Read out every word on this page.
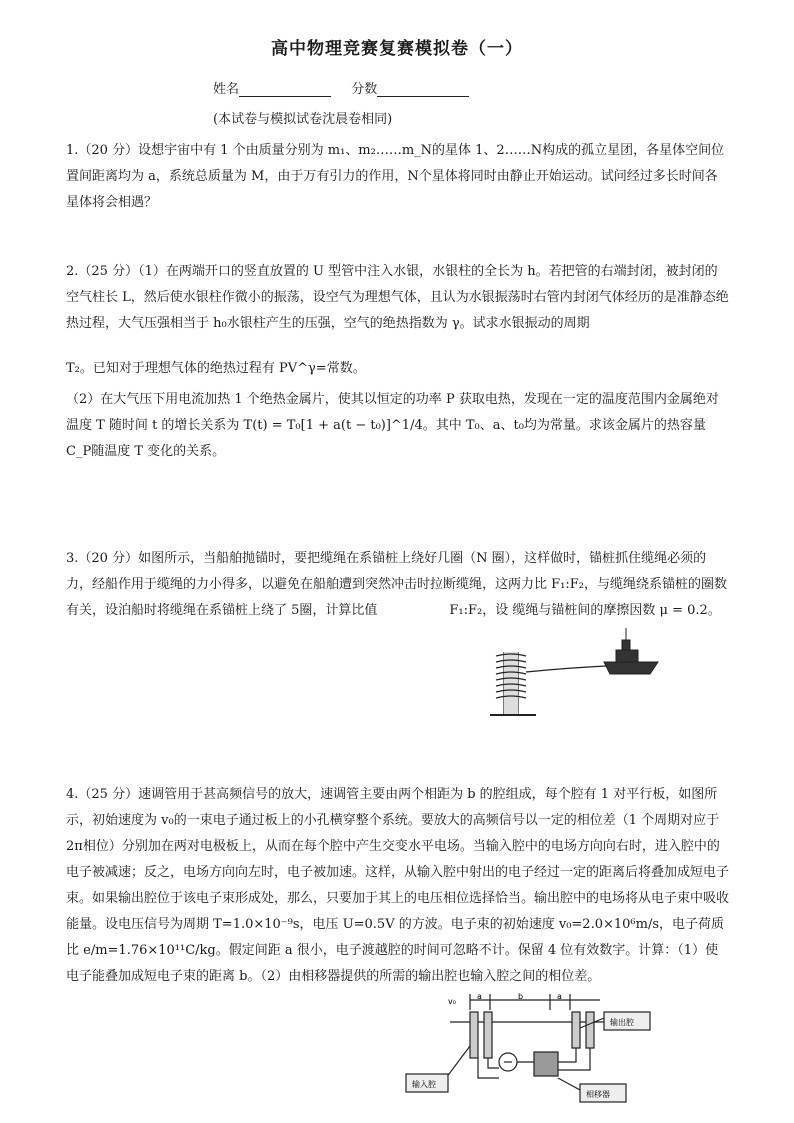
高中物理竞赛复赛模拟卷（一）
姓名	分数
(本试卷与模拟试卷沈晨卷相同)

1.（20 分）设想宇宙中有 1 个由质量分别为 m₁、m₂……m_N的星体 1、2……N构成的孤立星团，各星体空间位置间距离均为 a，系统总质量为 M，由于万有引力的作用，N个星体将同时由静止开始运动。试问经过多长时间各星体将会相遇？

2.（25 分）（1）在两端开口的竖直放置的 U 型管中注入水银，水银柱的全长为 h。若把管的右端封闭，被封闭的空气柱长 L，然后使水银柱作微小的振荡，设空气为理想气体，且认为水银振荡时右管内封闭气体经历的是准静态绝热过程，大气压强相当于 h₀水银柱产生的压强，空气的绝热指数为 γ。试求水银振动的周期

T₂。已知对于理想气体的绝热过程有 PV^γ=常数。

（2）在大气压下用电流加热 1 个绝热金属片，使其以恒定的功率 P 获取电热，发现在一定的温度范围内金属绝对温度 T 随时间 t 的增长关系为 T(t) = T₀[1 + a(t − t₀)]^1/4。其中 T₀、a、t₀均为常量。求该金属片的热容量 C_P随温度 T 变化的关系。

3.（20 分）如图所示，当船舶抛锚时，要把缆绳在系锚桩上绕好几圈（N 圈），这样做时，锚桩抓住缆绳必须的力，经船作用于缆绳的力小得多，以避免在船舶遭到突然冲击时拉断缆绳，这两力比 F₁:F₂，与缆绳绕系锚桩的圈数有关，设泊船时将缆绳在系锚桩上绕了 5圈，计算比值	F₁:F₂，设 缆绳与锚桩间的摩擦因数 μ = 0.2。

4.（25 分）速调管用于甚高频信号的放大，速调管主要由两个相距为 b 的腔组成，每个腔有 1 对平行板，如图所示，初始速度为 v₀的一束电子通过板上的小孔横穿整个系统。要放大的高频信号以一定的相位差（1 个周期对应于 2π相位）分别加在两对电极板上，从而在每个腔中产生交变水平电场。当输入腔中的电场方向向右时，进入腔中的电子被减速；反之，电场方向向左时，电子被加速。这样，从输入腔中射出的电子经过一定的距离后将叠加成短电子束。如果输出腔位于该电子束形成处，那么，只要加于其上的电压相位选择恰当。输出腔中的电场将从电子束中吸收能量。设电压信号为周期 T=1.0×10⁻⁹s，电压 U=0.5V 的方波。电子束的初始速度 v₀=2.0×10⁶m/s，电子荷质比 e/m=1.76×10¹¹C/kg。假定间距 a 很小，电子渡越腔的时间可忽略不计。保留 4 位有效数字。计算：（1）使电子能叠加成短电子束的距离 b。（2）由相移器提供的所需的输出腔也输入腔之间的相位差。

v₀
a	b	a
输出腔
输入腔
相移器
